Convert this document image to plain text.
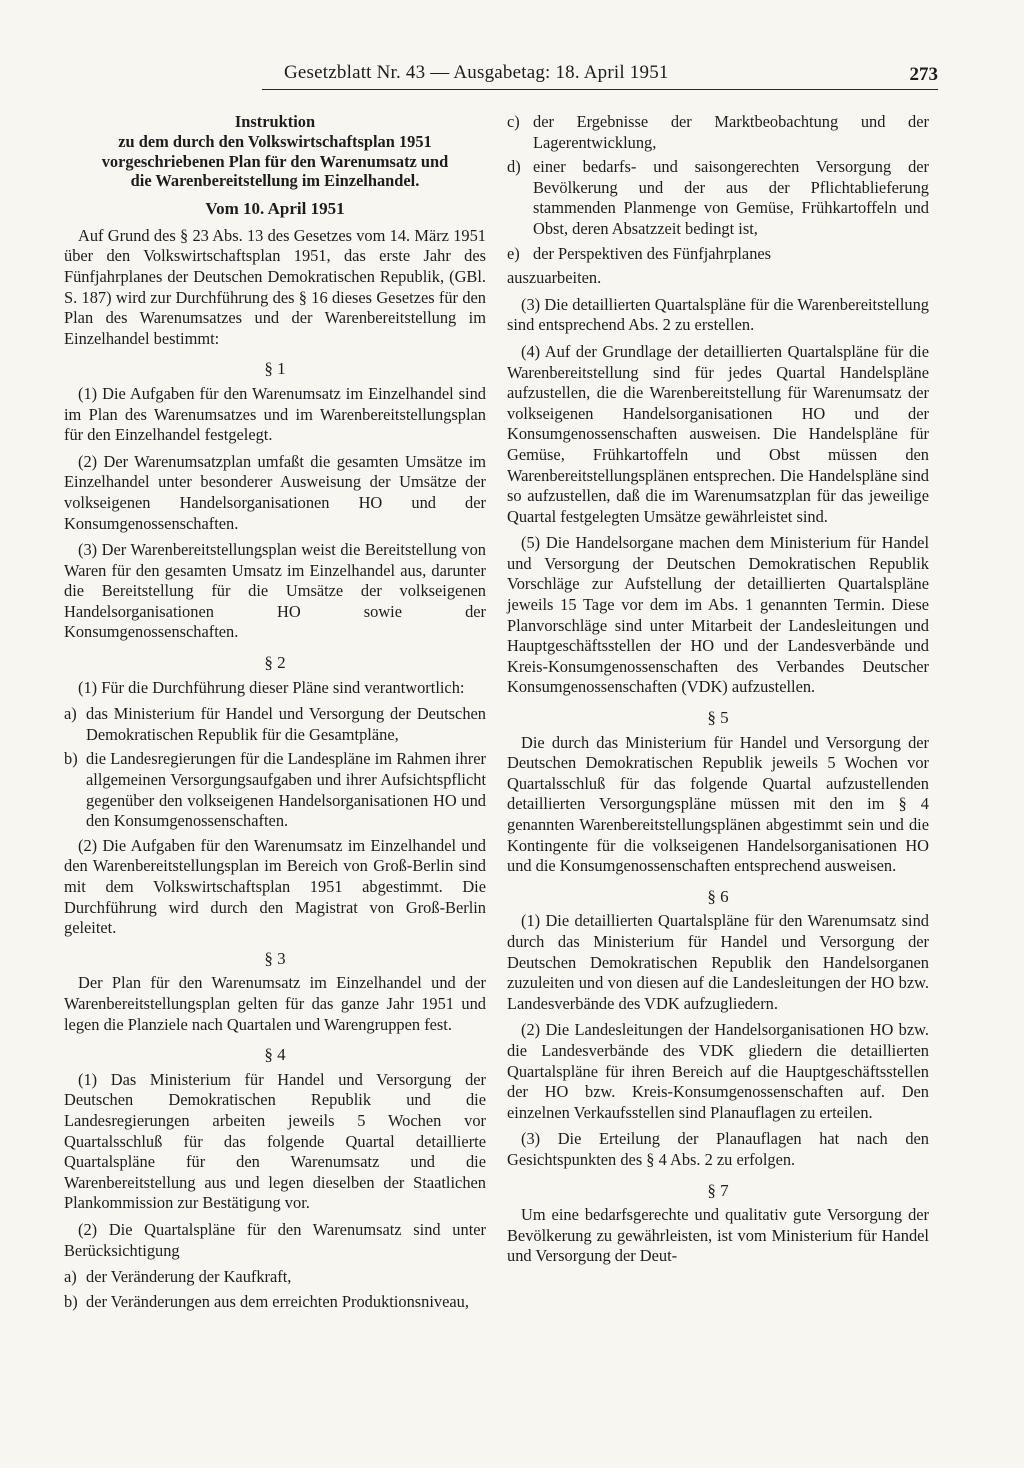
Gesetzblatt Nr. 43 — Ausgabetag: 18. April 1951	273
Instruktion
zu dem durch den Volkswirtschaftsplan 1951
vorgeschriebenen Plan für den Warenumsatz und
die Warenbereitstellung im Einzelhandel.
Vom 10. April 1951

Auf Grund des § 23 Abs. 13 des Gesetzes vom 14. März 1951 über den Volkswirtschaftsplan 1951, das erste Jahr des Fünfjahrplanes der Deutschen Demokratischen Republik, (GBl. S. 187) wird zur Durchführung des § 16 dieses Gesetzes für den Plan des Warenumsatzes und der Warenbereitstellung im Einzelhandel bestimmt:

§ 1

(1) Die Aufgaben für den Warenumsatz im Einzelhandel sind im Plan des Warenumsatzes und im Warenbereitstellungsplan für den Einzelhandel festgelegt.

(2) Der Warenumsatzplan umfaßt die gesamten Umsätze im Einzelhandel unter besonderer Ausweisung der Umsätze der volkseigenen Handelsorganisationen HO und der Konsumgenossenschaften.

(3) Der Warenbereitstellungsplan weist die Bereitstellung von Waren für den gesamten Umsatz im Einzelhandel aus, darunter die Bereitstellung für die Umsätze der volkseigenen Handelsorganisationen HO sowie der Konsumgenossenschaften.

§ 2

(1) Für die Durchführung dieser Pläne sind verantwortlich:

a) das Ministerium für Handel und Versorgung der Deutschen Demokratischen Republik für die Gesamtpläne,
b) die Landesregierungen für die Landespläne im Rahmen ihrer allgemeinen Versorgungsaufgaben und ihrer Aufsichtspflicht gegenüber den volkseigenen Handelsorganisationen HO und den Konsumgenossenschaften.

(2) Die Aufgaben für den Warenumsatz im Einzelhandel und den Warenbereitstellungsplan im Bereich von Groß-Berlin sind mit dem Volkswirtschaftsplan 1951 abgestimmt. Die Durchführung wird durch den Magistrat von Groß-Berlin geleitet.

§ 3

Der Plan für den Warenumsatz im Einzelhandel und der Warenbereitstellungsplan gelten für das ganze Jahr 1951 und legen die Planziele nach Quartalen und Warengruppen fest.

§ 4

(1) Das Ministerium für Handel und Versorgung der Deutschen Demokratischen Republik und die Landesregierungen arbeiten jeweils 5 Wochen vor Quartalsschluß für das folgende Quartal detaillierte Quartalspläne für den Warenumsatz und die Warenbereitstellung aus und legen dieselben der Staatlichen Plankommission zur Bestätigung vor.

(2) Die Quartalspläne für den Warenumsatz sind unter Berücksichtigung

a) der Veränderung der Kaufkraft,
b) der Veränderungen aus dem erreichten Produktionsniveau,
c) der Ergebnisse der Marktbeobachtung und der Lagerentwicklung,
d) einer bedarfs- und saisongerechten Versorgung der Bevölkerung und der aus der Pflichtablieferung stammenden Planmenge von Gemüse, Frühkartoffeln und Obst, deren Absatzzeit bedingt ist,
e) der Perspektiven des Fünfjahrplanes

auszuarbeiten.

(3) Die detaillierten Quartalspläne für die Warenbereitstellung sind entsprechend Abs. 2 zu erstellen.

(4) Auf der Grundlage der detaillierten Quartalspläne für die Warenbereitstellung sind für jedes Quartal Handelspläne aufzustellen, die die Warenbereitstellung für Warenumsatz der volkseigenen Handelsorganisationen HO und der Konsumgenossenschaften ausweisen. Die Handelspläne für Gemüse, Frühkartoffeln und Obst müssen den Warenbereitstellungsplänen entsprechen. Die Handelspläne sind so aufzustellen, daß die im Warenumsatzplan für das jeweilige Quartal festgelegten Umsätze gewährleistet sind.

(5) Die Handelsorgane machen dem Ministerium für Handel und Versorgung der Deutschen Demokratischen Republik Vorschläge zur Aufstellung der detaillierten Quartalspläne jeweils 15 Tage vor dem im Abs. 1 genannten Termin. Diese Planvorschläge sind unter Mitarbeit der Landesleitungen und Hauptgeschäftsstellen der HO und der Landesverbände und Kreis-Konsumgenossenschaften des Verbandes Deutscher Konsumgenossenschaften (VDK) aufzustellen.

§ 5

Die durch das Ministerium für Handel und Versorgung der Deutschen Demokratischen Republik jeweils 5 Wochen vor Quartalsschluß für das folgende Quartal aufzustellenden detaillierten Versorgungspläne müssen mit den im § 4 genannten Warenbereitstellungsplänen abgestimmt sein und die Kontingente für die volkseigenen Handelsorganisationen HO und die Konsumgenossenschaften entsprechend ausweisen.

§ 6

(1) Die detaillierten Quartalspläne für den Warenumsatz sind durch das Ministerium für Handel und Versorgung der Deutschen Demokratischen Republik den Handelsorganen zuzuleiten und von diesen auf die Landesleitungen der HO bzw. Landesverbände des VDK aufzugliedern.

(2) Die Landesleitungen der Handelsorganisationen HO bzw. die Landesverbände des VDK gliedern die detaillierten Quartalspläne für ihren Bereich auf die Hauptgeschäftsstellen der HO bzw. Kreis-Konsumgenossenschaften auf. Den einzelnen Verkaufsstellen sind Planauflagen zu erteilen.

(3) Die Erteilung der Planauflagen hat nach den Gesichtspunkten des § 4 Abs. 2 zu erfolgen.

§ 7

Um eine bedarfsgerechte und qualitativ gute Versorgung der Bevölkerung zu gewährleisten, ist vom Ministerium für Handel und Versorgung der Deut-
